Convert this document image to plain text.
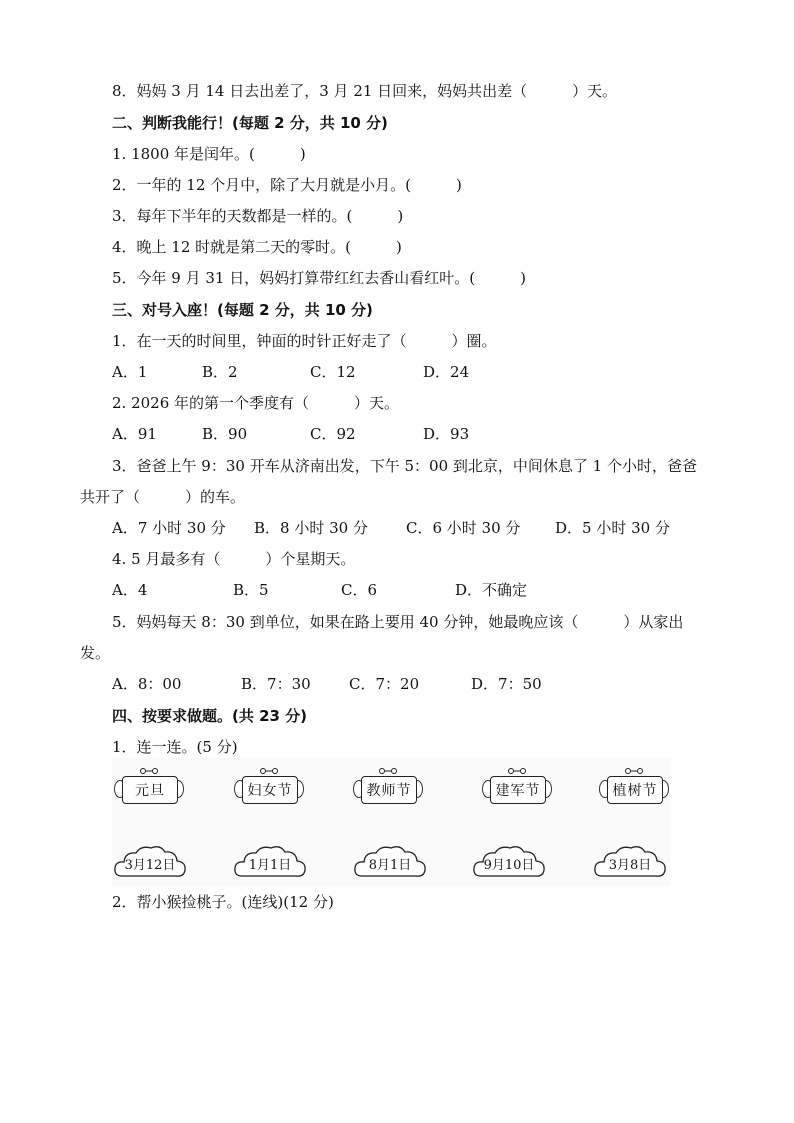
8．妈妈 3 月 14 日去出差了，3 月 21 日回来，妈妈共出差（　　　）天。
二、判断我能行！(每题 2 分，共 10 分)
1. 1800 年是闰年。(　　　)
2．一年的 12 个月中，除了大月就是小月。(　　　)
3．每年下半年的天数都是一样的。(　　　)
4．晚上 12 时就是第二天的零时。(　　　)
5．今年 9 月 31 日，妈妈打算带红红去香山看红叶。(　　　)
三、对号入座！(每题 2 分，共 10 分)
1．在一天的时间里，钟面的时针正好走了（　　　）圈。
A．1	B．2	C．12	D．24
2. 2026 年的第一个季度有（　　　）天。
A．91	B．90	C．92	D．93
3．爸爸上午 9：30 开车从济南出发，下午 5：00 到北京，中间休息了 1 个小时，爸爸
共开了（　　　）的车。
A．7 小时 30 分 B．8 小时 30 分	C．6 小时 30 分 D．5 小时 30 分
4. 5 月最多有（　　　）个星期天。
A．4	B．5	C．6	D．不确定
5．妈妈每天 8：30 到单位，如果在路上要用 40 分钟，她最晚应该（　　　）从家出
发。
A．8：00	B．7：30	C．7：20	D．7：50
四、按要求做题。(共 23 分)
1．连一连。(5 分)
元旦	妇女节	教师节	建军节	植树节
3月12日	1月1日	8月1日	9月10日	3月8日
2．帮小猴捡桃子。(连线)(12 分)
